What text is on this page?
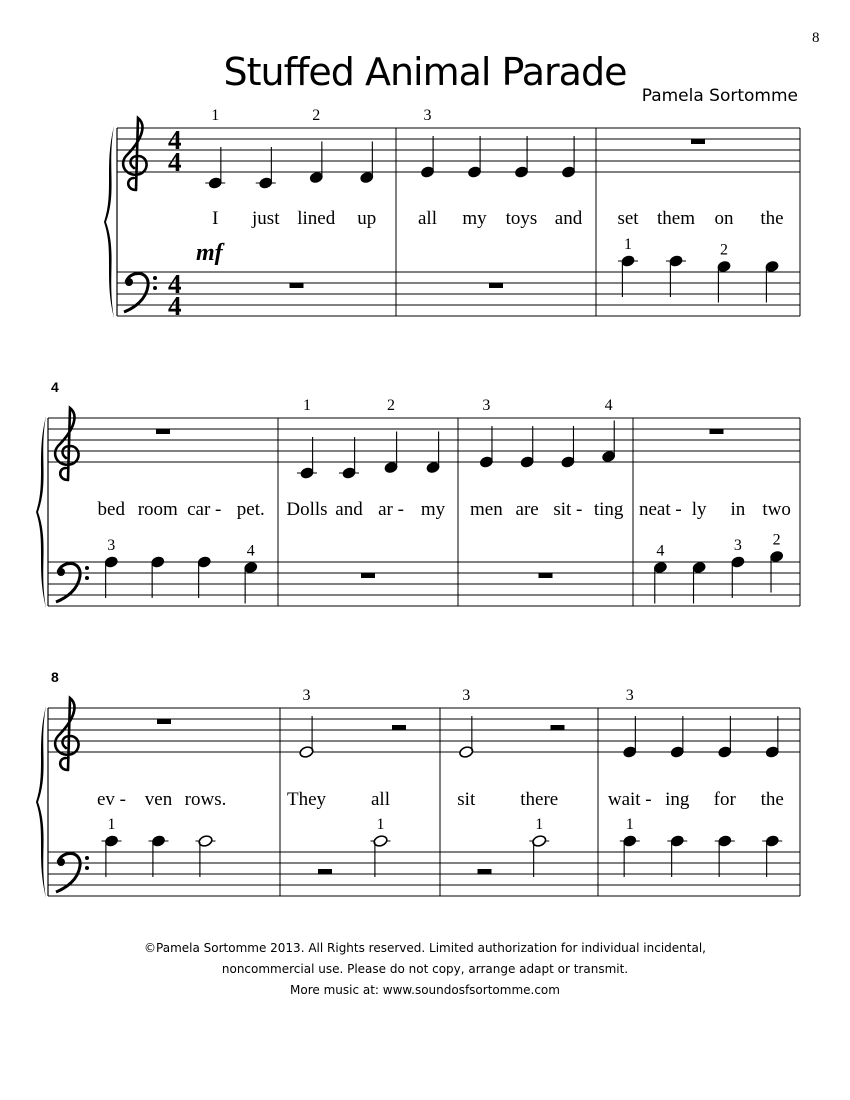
8
Stuffed Animal Parade
Pamela Sortomme
4
4
4
4
mf
1	2
I just lined up
3
all my toys and
1	2
set them on the
4
3	4
bed room car - pet.
1	2
Dolls and ar - my
3	4
men are sit - ting
4	3 2
neat - ly in two
8
1
ev - ven rows.
3
1
They all
3
1
sit there
3
1
wait - ing for the
©Pamela Sortomme 2013. All Rights reserved. Limited authorization for individual incidental,
noncommercial use. Please do not copy, arrange adapt or transmit.
More music at: www.soundosfsortomme.com
